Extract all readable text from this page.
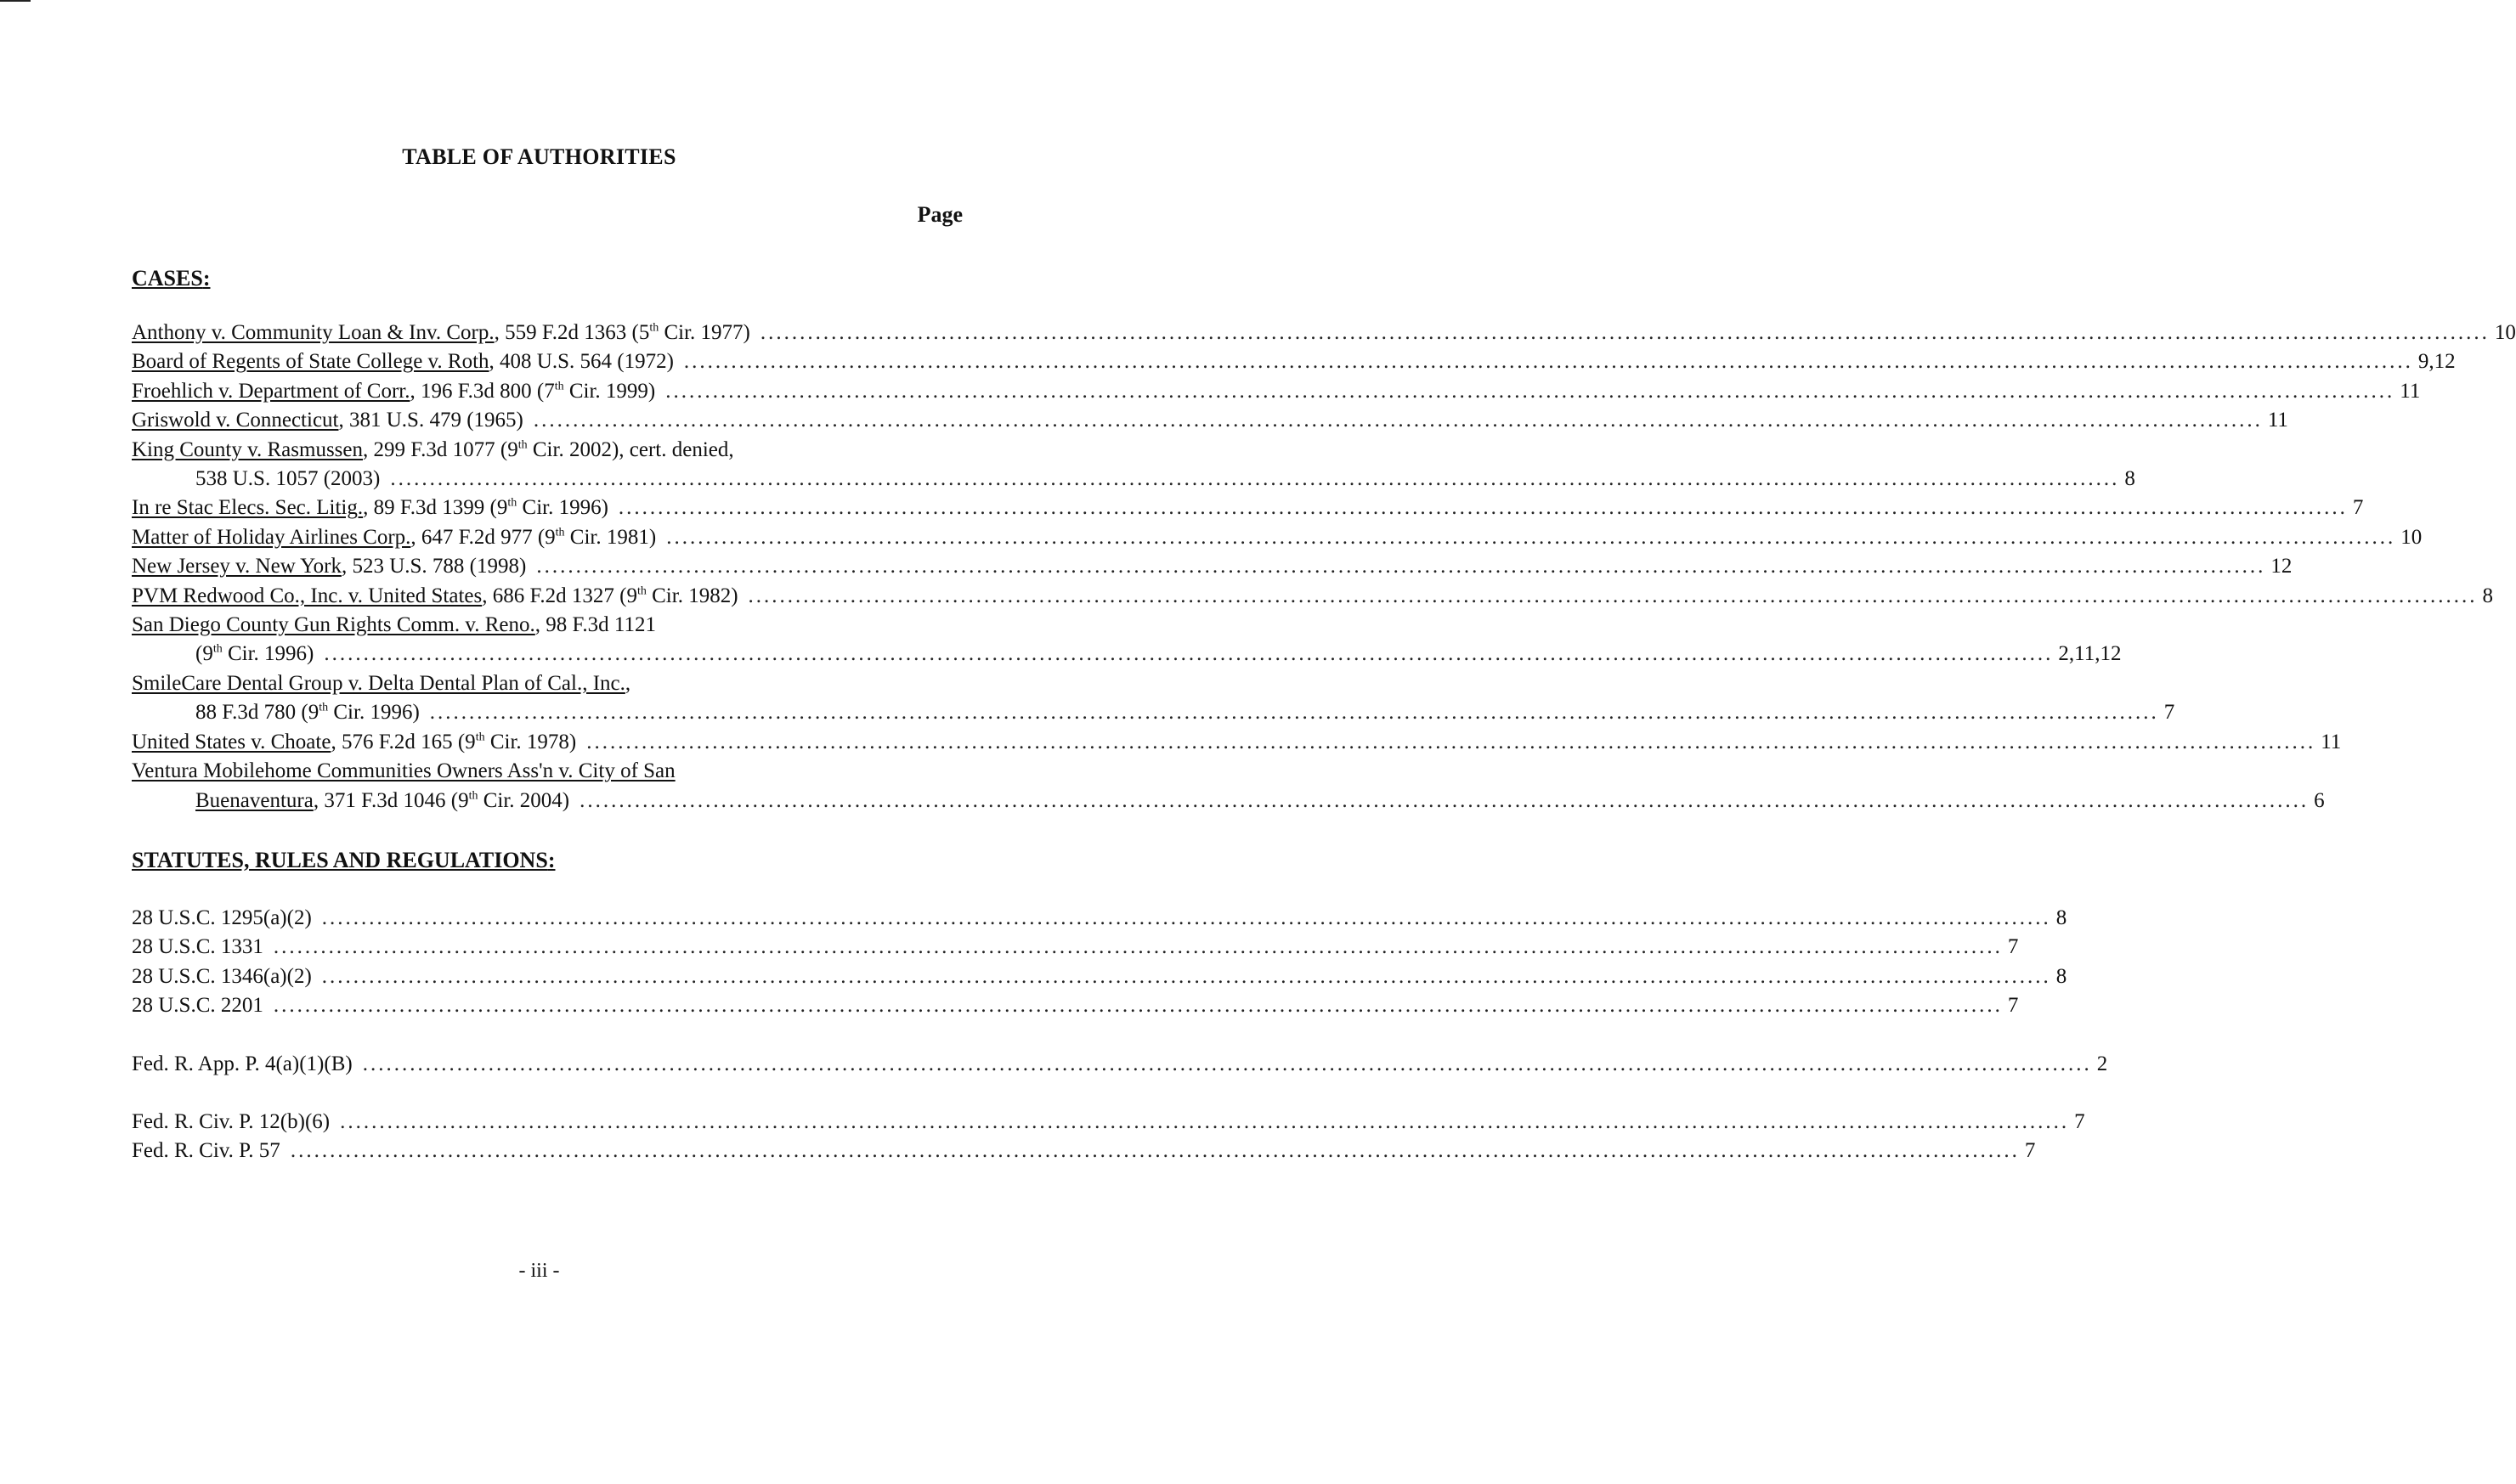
TABLE OF AUTHORITIES
Page
CASES:
Anthony v. Community Loan & Inv. Corp., 559 F.2d 1363 (5th Cir. 1977) ............................................................................................................................................................................................................................ 10
Board of Regents of State College v. Roth, 408 U.S. 564 (1972) ............................................................................................................................................................................................................................ 9,12
Froehlich v. Department of Corr., 196 F.3d 800 (7th Cir. 1999) ............................................................................................................................................................................................................................ 11
Griswold v. Connecticut, 381 U.S. 479 (1965) ............................................................................................................................................................................................................................ 11
King County v. Rasmussen, 299 F.3d 1077 (9th Cir. 2002), cert. denied,
538 U.S. 1057 (2003) ............................................................................................................................................................................................................................ 8
In re Stac Elecs. Sec. Litig., 89 F.3d 1399 (9th Cir. 1996) ............................................................................................................................................................................................................................ 7
Matter of Holiday Airlines Corp., 647 F.2d 977 (9th Cir. 1981) ............................................................................................................................................................................................................................ 10
New Jersey v. New York, 523 U.S. 788 (1998) ............................................................................................................................................................................................................................ 12
PVM Redwood Co., Inc. v. United States, 686 F.2d 1327 (9th Cir. 1982) ............................................................................................................................................................................................................................ 8
San Diego County Gun Rights Comm. v. Reno., 98 F.3d 1121
(9th Cir. 1996) ............................................................................................................................................................................................................................ 2,11,12
SmileCare Dental Group v. Delta Dental Plan of Cal., Inc.,
88 F.3d 780 (9th Cir. 1996) ............................................................................................................................................................................................................................ 7
United States v. Choate, 576 F.2d 165 (9th Cir. 1978) ............................................................................................................................................................................................................................ 11
Ventura Mobilehome Communities Owners Ass'n v. City of San
Buenaventura, 371 F.3d 1046 (9th Cir. 2004) ............................................................................................................................................................................................................................ 6
STATUTES, RULES AND REGULATIONS:
28 U.S.C. 1295(a)(2) ............................................................................................................................................................................................................................ 8
28 U.S.C. 1331 ............................................................................................................................................................................................................................ 7
28 U.S.C. 1346(a)(2) ............................................................................................................................................................................................................................ 8
28 U.S.C. 2201 ............................................................................................................................................................................................................................ 7
Fed. R. App. P. 4(a)(1)(B) ............................................................................................................................................................................................................................ 2
Fed. R. Civ. P. 12(b)(6) ............................................................................................................................................................................................................................ 7
Fed. R. Civ. P. 57 ............................................................................................................................................................................................................................ 7
- iii -
